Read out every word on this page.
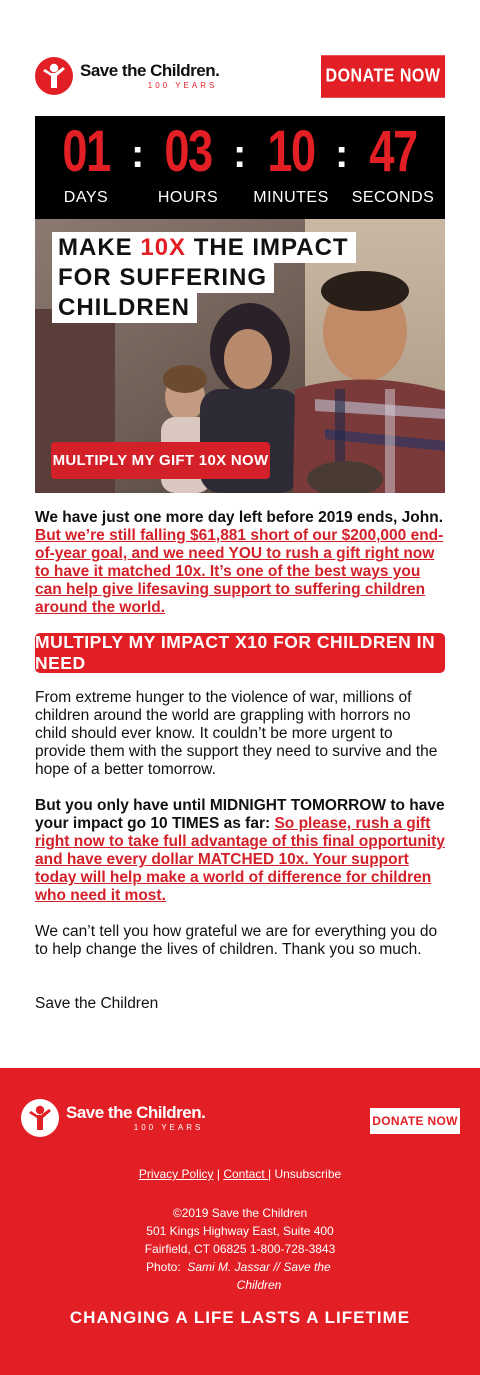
Save the Children.
100 YEARS	DONATE NOW
01
DAYS
: 03
HOURS
: 10
MINUTES
: 47
SECONDS
MAKE 10X THE IMPACT
FOR SUFFERING
CHILDREN
MULTIPLY MY GIFT 10X NOW
We have just one more day left before 2019 ends, John. But we’re still falling $61,881 short of our $200,000 end-of-year goal, and we need YOU to rush a gift right now to have it matched 10x. It’s one of the best ways you can help give lifesaving support to suffering children around the world.
MULTIPLY MY IMPACT X10 FOR CHILDREN IN NEED
From extreme hunger to the violence of war, millions of children around the world are grappling with horrors no child should ever know. It couldn’t be more urgent to provide them with the support they need to survive and the hope of a better tomorrow.
But you only have until MIDNIGHT TOMORROW to have your impact go 10 TIMES as far: So please, rush a gift right now to take full advantage of this final opportunity and have every dollar MATCHED 10x. Your support today will help make a world of difference for children who need it most.
We can’t tell you how grateful we are for everything you do to help change the lives of children. Thank you so much.
Save the Children
Save the Children.
100 YEARS	DONATE NOW
Privacy Policy | Contact | Unsubscribe
©2019 Save the Children
501 Kings Highway East, Suite 400
Fairfield, CT 06825 1-800-728-3843
Photo: Sami M. Jassar // Save the Children
CHANGING A LIFE LASTS A LIFETIME
